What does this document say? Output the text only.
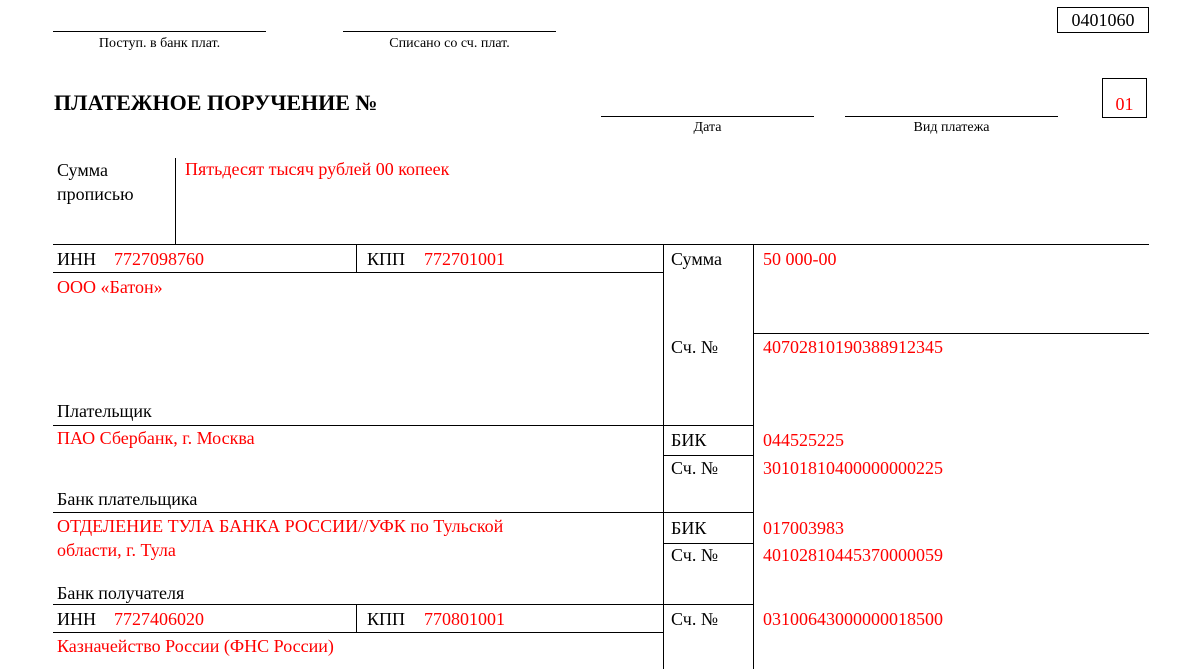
0401060
Поступ. в банк плат.	Списано со сч. плат.
ПЛАТЕЖНОЕ ПОРУЧЕНИЕ №
Дата	Вид платежа
01
Сумма
прописью
Пятьдесят тысяч рублей 00 копеек
ИНН 7727098760	КПП 772701001	Сумма 50 000-00
ООО «Батон»
Сч. №	40702810190388912345
Плательщик
ПАО Сбербанк, г. Москва	БИК	044525225
Сч. №	30101810400000000225
Банк плательщика
ОТДЕЛЕНИЕ ТУЛА БАНКА РОССИИ//УФК по Тульской
области, г. Тула
БИК	017003983
Сч. №	40102810445370000059
Банк получателя
ИНН 7727406020	КПП 770801001	Сч. №	03100643000000018500
Казначейство России (ФНС России)
